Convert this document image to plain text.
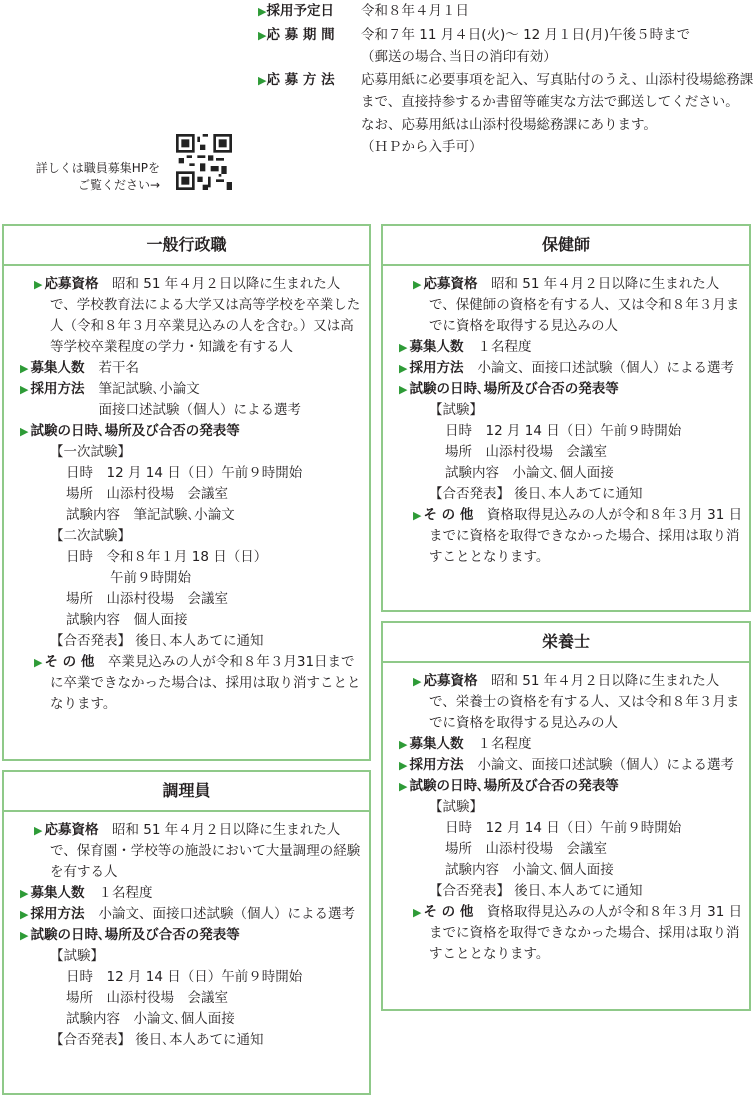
▶採用予定日	令和８年４月１日
▶応 募 期 間	令和７年 11 月４日(火)～ 12 月１日(月)午後５時まで
（郵送の場合､当日の消印有効）
▶応 募 方 法	応募用紙に必要事項を記入、写真貼付のうえ、山添村役場総務課まで、直接持参するか書留等確実な方法で郵送してください。
なお、応募用紙は山添村役場総務課にあります。
（ＨＰから入手可）
詳しくは職員募集HPを
ご覧ください→
一般行政職
▶ 応募資格　 昭和 51 年４月２日以降に生まれた人で、学校教育法による大学又は高等学校を卒業した人（令和８年３月卒業見込みの人を含む。）又は高等学校卒業程度の学力・知識を有する人
▶ 募集人数	若干名
▶ 採用方法 筆記試験､小論文
面接口述試験（個人）による選考
▶ 試験の日時､場所及び合否の発表等
【一次試験】
日時　12 月 14 日（日）午前９時開始
場所　山添村役場　会議室
試験内容　筆記試験､小論文
【二次試験】
日時　令和８年１月 18 日（日）
午前９時開始
場所　山添村役場　会議室
試験内容　個人面接
【合否発表】 後日､本人あてに通知
▶ そ の 他　 卒業見込みの人が令和８年３月31日までに卒業できなかった場合は、採用は取り消すこととなります。
調理員
▶ 応募資格　 昭和 51 年４月２日以降に生まれた人で、保育園・学校等の施設において大量調理の経験を有する人
▶ 募集人数	１名程度
▶ 採用方法	小論文、面接口述試験（個人）による選考
▶ 試験の日時､場所及び合否の発表等
【試験】
日時　12 月 14 日（日）午前９時開始
場所　山添村役場　会議室
試験内容　小論文､個人面接
【合否発表】 後日､本人あてに通知
保健師
▶ 応募資格　 昭和 51 年４月２日以降に生まれた人で、保健師の資格を有する人、又は令和８年３月までに資格を取得する見込みの人
▶ 募集人数	１名程度
▶ 採用方法	小論文、面接口述試験（個人）による選考
▶ 試験の日時､場所及び合否の発表等
【試験】
日時　12 月 14 日（日）午前９時開始
場所　山添村役場　会議室
試験内容　小論文､個人面接
【合否発表】 後日､本人あてに通知
▶ そ の 他　 資格取得見込みの人が令和８年３月 31 日までに資格を取得できなかった場合、採用は取り消すこととなります。
栄養士
▶ 応募資格　 昭和 51 年４月２日以降に生まれた人で、栄養士の資格を有する人、又は令和８年３月までに資格を取得する見込みの人
▶ 募集人数	１名程度
▶ 採用方法	小論文、面接口述試験（個人）による選考
▶ 試験の日時､場所及び合否の発表等
【試験】
日時　12 月 14 日（日）午前９時開始
場所　山添村役場　会議室
試験内容　小論文､個人面接
【合否発表】 後日､本人あてに通知
▶ そ の 他　 資格取得見込みの人が令和８年３月 31 日までに資格を取得できなかった場合、採用は取り消すこととなります。
